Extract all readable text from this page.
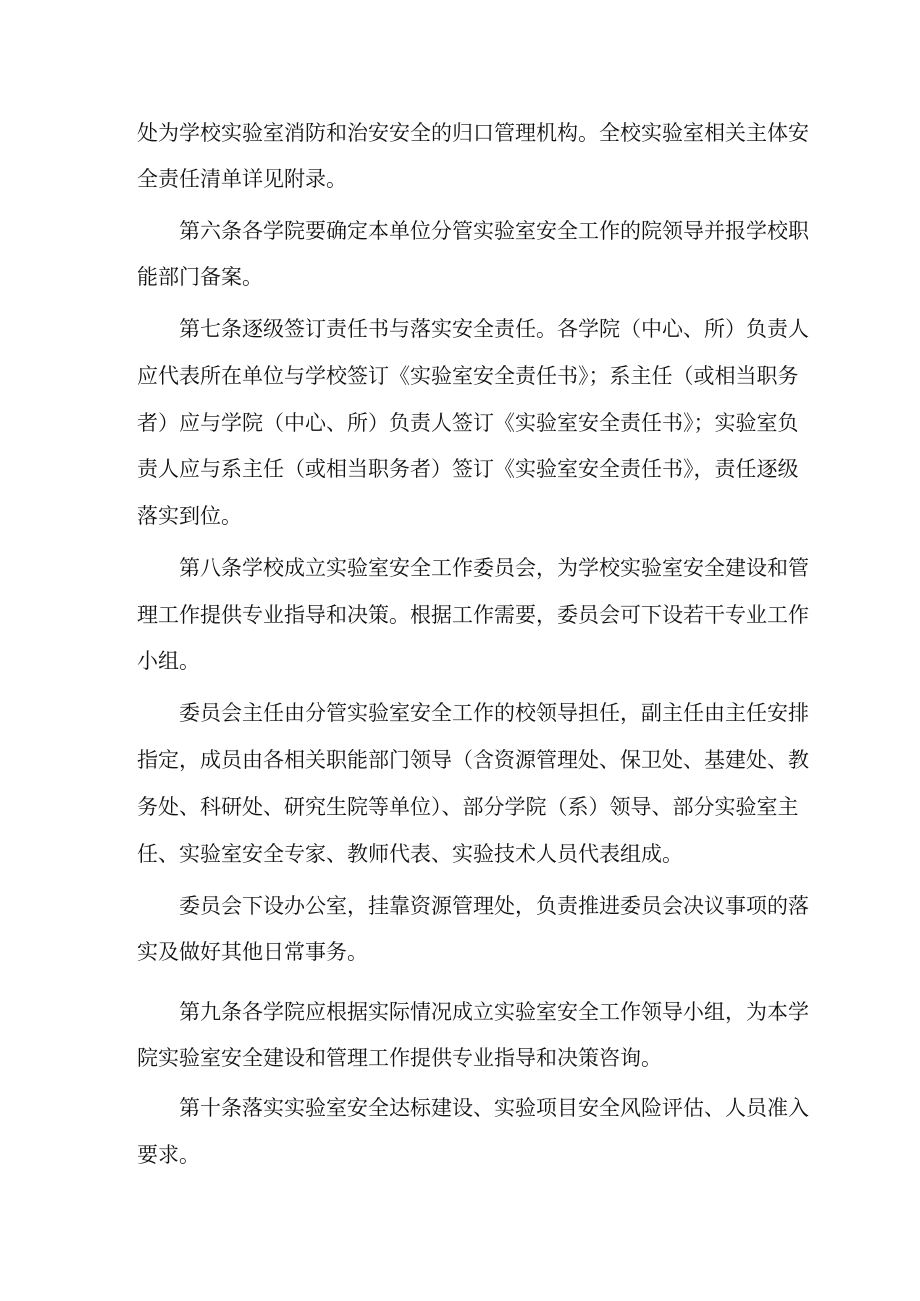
处为学校实验室消防和治安安全的归口管理机构。全校实验室相关主体安
全责任清单详见附录。
第六条各学院要确定本单位分管实验室安全工作的院领导并报学校职
能部门备案。
第七条逐级签订责任书与落实安全责任。各学院（中心、所）负责人
应代表所在单位与学校签订《实验室安全责任书》；系主任（或相当职务
者）应与学院（中心、所）负责人签订《实验室安全责任书》；实验室负
责人应与系主任（或相当职务者）签订《实验室安全责任书》，责任逐级
落实到位。
第八条学校成立实验室安全工作委员会，为学校实验室安全建设和管
理工作提供专业指导和决策。根据工作需要，委员会可下设若干专业工作
小组。
委员会主任由分管实验室安全工作的校领导担任，副主任由主任安排
指定，成员由各相关职能部门领导（含资源管理处、保卫处、基建处、教
务处、科研处、研究生院等单位）、部分学院（系）领导、部分实验室主
任、实验室安全专家、教师代表、实验技术人员代表组成。
委员会下设办公室，挂靠资源管理处，负责推进委员会决议事项的落
实及做好其他日常事务。
第九条各学院应根据实际情况成立实验室安全工作领导小组，为本学
院实验室安全建设和管理工作提供专业指导和决策咨询。
第十条落实实验室安全达标建设、实验项目安全风险评估、人员准入
要求。
